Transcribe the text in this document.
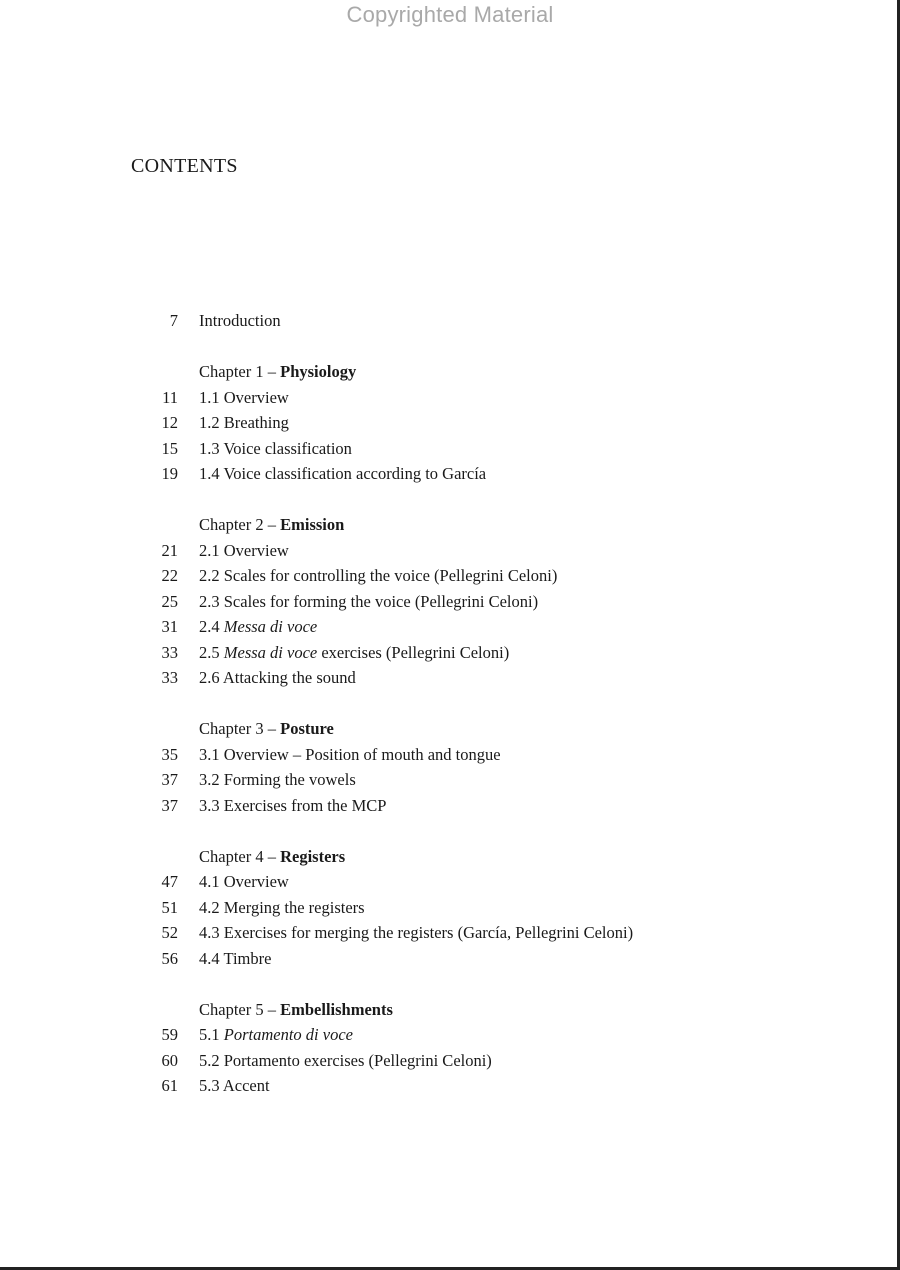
Copyrighted Material
CONTENTS
7 Introduction
Chapter 1 – Physiology
11 1.1 Overview
12 1.2 Breathing
15 1.3 Voice classification
19 1.4 Voice classification according to García
Chapter 2 – Emission
21 2.1 Overview
22 2.2 Scales for controlling the voice (Pellegrini Celoni)
25 2.3 Scales for forming the voice (Pellegrini Celoni)
31 2.4 Messa di voce
33 2.5 Messa di voce exercises (Pellegrini Celoni)
33 2.6 Attacking the sound
Chapter 3 – Posture
35 3.1 Overview – Position of mouth and tongue
37 3.2 Forming the vowels
37 3.3 Exercises from the MCP
Chapter 4 – Registers
47 4.1 Overview
51 4.2 Merging the registers
52 4.3 Exercises for merging the registers (García, Pellegrini Celoni)
56 4.4 Timbre
Chapter 5 – Embellishments
59 5.1 Portamento di voce
60 5.2 Portamento exercises (Pellegrini Celoni)
61 5.3 Accent
